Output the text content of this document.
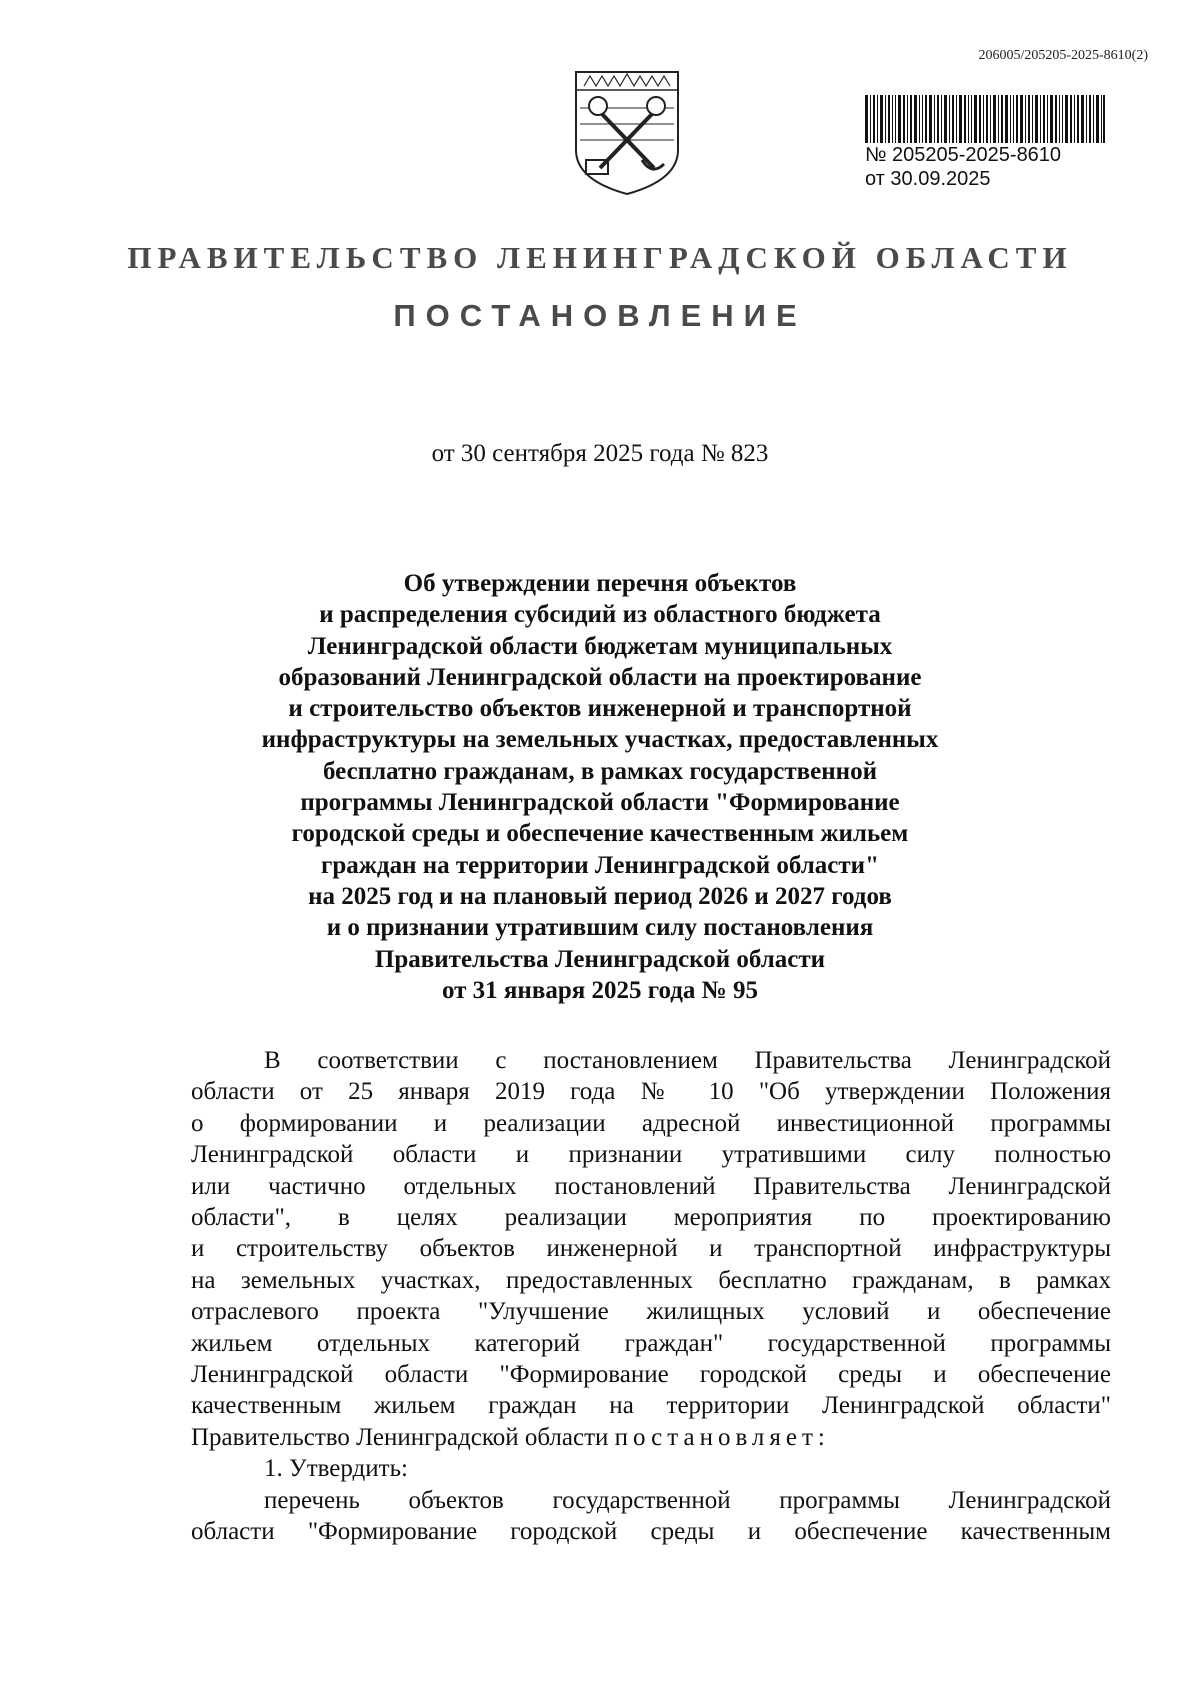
206005/205205-2025-8610(2)
№ 205205-2025-8610
от 30.09.2025
ПРАВИТЕЛЬСТВО ЛЕНИНГРАДСКОЙ ОБЛАСТИ
ПОСТАНОВЛЕНИЕ
от 30 сентября 2025 года № 823
Об утверждении перечня объектов
и распределения субсидий из областного бюджета
Ленинградской области бюджетам муниципальных
образований Ленинградской области на проектирование
и строительство объектов инженерной и транспортной
инфраструктуры на земельных участках, предоставленных
бесплатно гражданам, в рамках государственной
программы Ленинградской области "Формирование
городской среды и обеспечение качественным жильем
граждан на территории Ленинградской области"
на 2025 год и на плановый период 2026 и 2027 годов
и о признании утратившим силу постановления
Правительства Ленинградской области
от 31 января 2025 года № 95
В соответствии с постановлением Правительства Ленинградской
области от 25 января 2019 года № 10 "Об утверждении Положения
о формировании и реализации адресной инвестиционной программы
Ленинградской области и признании утратившими силу полностью
или частично отдельных постановлений Правительства Ленинградской
области", в целях реализации мероприятия по проектированию
и строительству объектов инженерной и транспортной инфраструктуры
на земельных участках, предоставленных бесплатно гражданам, в рамках
отраслевого проекта "Улучшение жилищных условий и обеспечение
жильем отдельных категорий граждан" государственной программы
Ленинградской области "Формирование городской среды и обеспечение
качественным жильем граждан на территории Ленинградской области"
Правительство Ленинградской области постановляет:
1. Утвердить:
перечень объектов государственной программы Ленинградской
области "Формирование городской среды и обеспечение качественным
